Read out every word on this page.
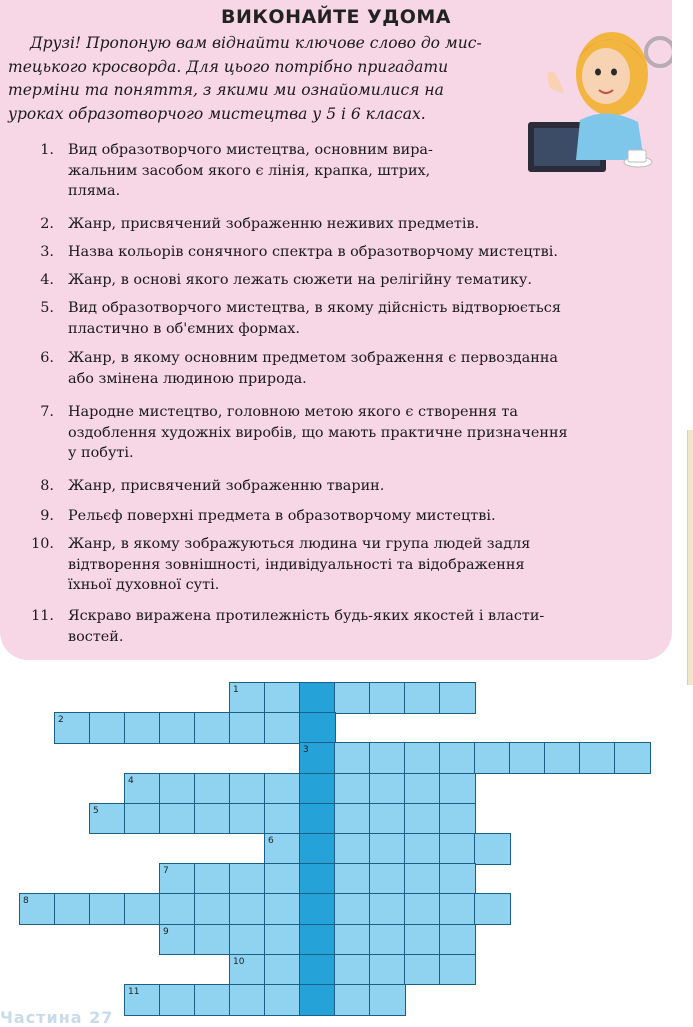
ВИКОНАЙТЕ УДОМА
Друзі! Пропоную вам віднайти ключове слово до мис-
тецького кросворда. Для цього потрібно пригадати
терміни та поняття, з якими ми ознайомилися на
уроках образотворчого мистецтва у 5 і 6 класах.
1. Вид образотворчого мистецтва, основним вира-
жальним засобом якого є лінія, крапка, штрих,
пляма.
2. Жанр, присвячений зображенню неживих предметів.
3. Назва кольорів сонячного спектра в образотворчому мистецтві.
4. Жанр, в основі якого лежать сюжети на релігійну тематику.
5. Вид образотворчого мистецтва, в якому дійсність відтворюється
пластично в об'ємних формах.
6. Жанр, в якому основним предметом зображення є первозданна
або змінена людиною природа.
7. Народне мистецтво, головною метою якого є створення та
оздоблення художніх виробів, що мають практичне призначення
у побуті.
8. Жанр, присвячений зображенню тварин.
9. Рельєф поверхні предмета в образотворчому мистецтві.
10. Жанр, в якому зображуються людина чи група людей задля
відтворення зовнішності, індивідуальності та відображення
їхньої духовної суті.
11. Яскраво виражена протилежність будь-яких якостей і власти-
востей.
1
2
3
4
5
6
7
8
9
10
11
Частина 27
